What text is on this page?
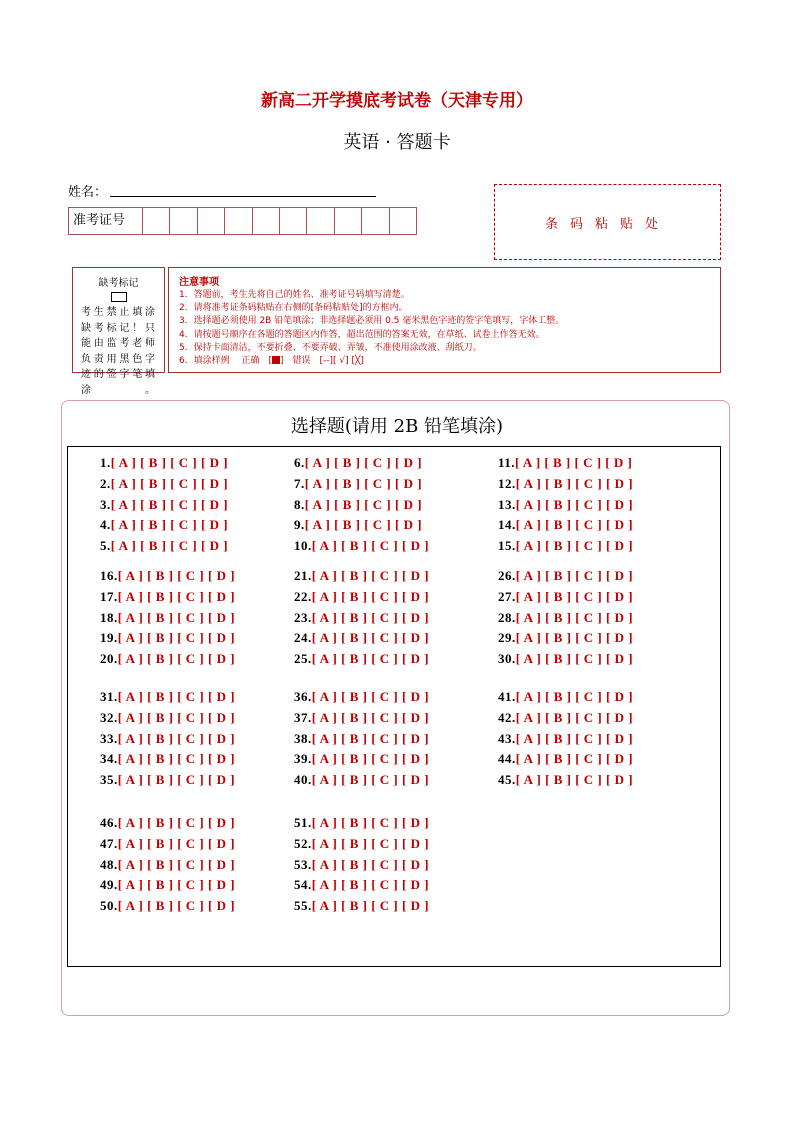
新高二开学摸底考试卷（天津专用）
英语 · 答题卡
姓名：
准考证号	条码粘贴处
缺考标记
考生禁止填涂缺考标记！只能由监考老师负责用黑色字迹的签字笔填涂。
注意事项
1. 答题前，考生先将自己的姓名、准考证号码填写清楚。
2. 请将准考证条码粘贴在右侧的[条码粘贴处]的方框内。
3. 选择题必须使用 2B 铅笔填涂；非选择题必须用 0.5 毫米黑色字迹的签字笔填写，字体工整。
4. 请按题号顺序在各题的答题区内作答，超出范围的答案无效，在草纸、试卷上作答无效。
5. 保持卡面清洁，不要折叠、不要弄破、弄皱，不准使用涂改液、刮纸刀。
6. 填涂样例　 正确　[ ]　错误　[--][ √] [╳]
选择题(请用 2B 铅笔填涂)
1.[ A ] [ B ] [ C ] [ D ]
2.[ A ] [ B ] [ C ] [ D ]
3.[ A ] [ B ] [ C ] [ D ]
4.[ A ] [ B ] [ C ] [ D ]
5.[ A ] [ B ] [ C ] [ D ]
6.[ A ] [ B ] [ C ] [ D ]
7.[ A ] [ B ] [ C ] [ D ]
8.[ A ] [ B ] [ C ] [ D ]
9.[ A ] [ B ] [ C ] [ D ]
10.[ A ] [ B ] [ C ] [ D ]
11.[ A ] [ B ] [ C ] [ D ]
12.[ A ] [ B ] [ C ] [ D ]
13.[ A ] [ B ] [ C ] [ D ]
14.[ A ] [ B ] [ C ] [ D ]
15.[ A ] [ B ] [ C ] [ D ]
16.[ A ] [ B ] [ C ] [ D ]
17.[ A ] [ B ] [ C ] [ D ]
18.[ A ] [ B ] [ C ] [ D ]
19.[ A ] [ B ] [ C ] [ D ]
20.[ A ] [ B ] [ C ] [ D ]
21.[ A ] [ B ] [ C ] [ D ]
22.[ A ] [ B ] [ C ] [ D ]
23.[ A ] [ B ] [ C ] [ D ]
24.[ A ] [ B ] [ C ] [ D ]
25.[ A ] [ B ] [ C ] [ D ]
26.[ A ] [ B ] [ C ] [ D ]
27.[ A ] [ B ] [ C ] [ D ]
28.[ A ] [ B ] [ C ] [ D ]
29.[ A ] [ B ] [ C ] [ D ]
30.[ A ] [ B ] [ C ] [ D ]
31.[ A ] [ B ] [ C ] [ D ]
32.[ A ] [ B ] [ C ] [ D ]
33.[ A ] [ B ] [ C ] [ D ]
34.[ A ] [ B ] [ C ] [ D ]
35.[ A ] [ B ] [ C ] [ D ]
36.[ A ] [ B ] [ C ] [ D ]
37.[ A ] [ B ] [ C ] [ D ]
38.[ A ] [ B ] [ C ] [ D ]
39.[ A ] [ B ] [ C ] [ D ]
40.[ A ] [ B ] [ C ] [ D ]
41.[ A ] [ B ] [ C ] [ D ]
42.[ A ] [ B ] [ C ] [ D ]
43.[ A ] [ B ] [ C ] [ D ]
44.[ A ] [ B ] [ C ] [ D ]
45.[ A ] [ B ] [ C ] [ D ]
46.[ A ] [ B ] [ C ] [ D ]
47.[ A ] [ B ] [ C ] [ D ]
48.[ A ] [ B ] [ C ] [ D ]
49.[ A ] [ B ] [ C ] [ D ]
50.[ A ] [ B ] [ C ] [ D ]
51.[ A ] [ B ] [ C ] [ D ]
52.[ A ] [ B ] [ C ] [ D ]
53.[ A ] [ B ] [ C ] [ D ]
54.[ A ] [ B ] [ C ] [ D ]
55.[ A ] [ B ] [ C ] [ D ]
